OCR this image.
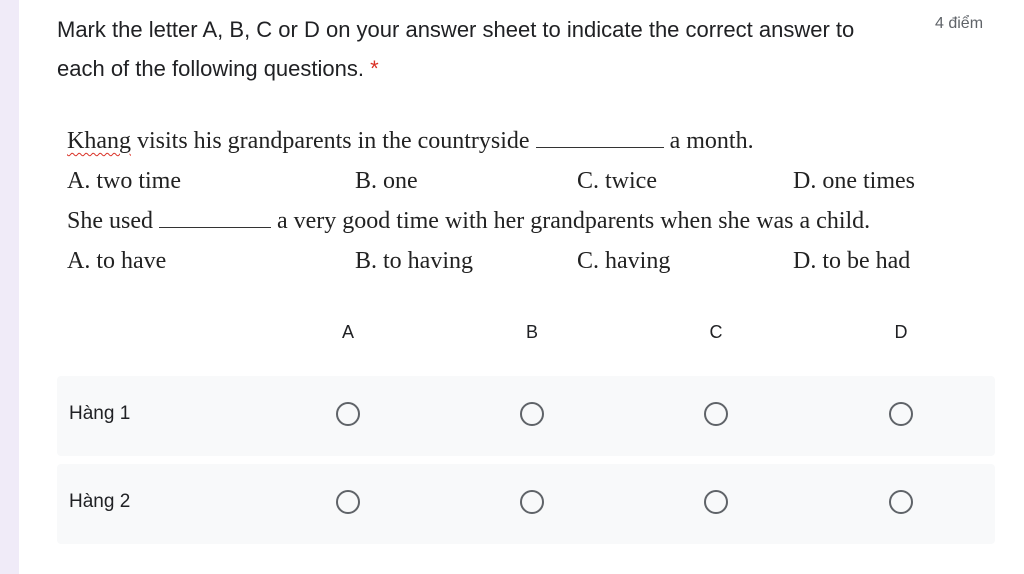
Mark the letter A, B, C or D on your answer sheet to indicate the correct answer to each of the following questions. *
4 điểm
Khang visits his grandparents in the countryside	a month.
A. two time	B. one	C. twice	D. one times
She used	a very good time with her grandparents when she was a child.
A. to have	B. to having	C. having	D. to be had
A	B	C	D
Hàng 1
Hàng 2
